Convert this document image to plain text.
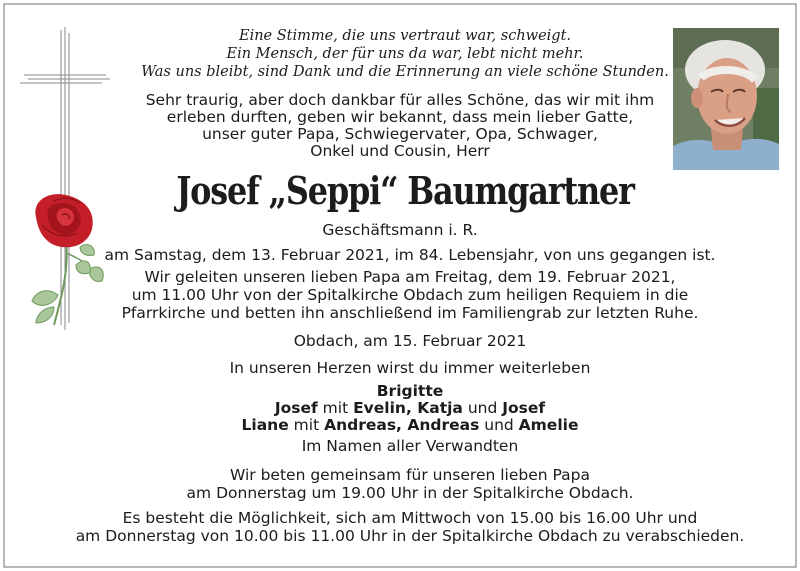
Eine Stimme, die uns vertraut war, schweigt.
Ein Mensch, der für uns da war, lebt nicht mehr.
Was uns bleibt, sind Dank und die Erinnerung an viele schöne Stunden.
Sehr traurig, aber doch dankbar für alles Schöne, das wir mit ihm
erleben durften, geben wir bekannt, dass mein lieber Gatte,
unser guter Papa, Schwiegervater, Opa, Schwager,
Onkel und Cousin, Herr
Josef „Seppi“ Baumgartner
Geschäftsmann i. R.
am Samstag, dem 13. Februar 2021, im 84. Lebensjahr, von uns gegangen ist.
Wir geleiten unseren lieben Papa am Freitag, dem 19. Februar 2021,
um 11.00 Uhr von der Spitalkirche Obdach zum heiligen Requiem in die
Pfarrkirche und betten ihn anschließend im Familiengrab zur letzten Ruhe.
Obdach, am 15. Februar 2021
In unseren Herzen wirst du immer weiterleben
Brigitte
Josef mit Evelin, Katja und Josef
Liane mit Andreas, Andreas und Amelie
Im Namen aller Verwandten
Wir beten gemeinsam für unseren lieben Papa
am Donnerstag um 19.00 Uhr in der Spitalkirche Obdach.
Es besteht die Möglichkeit, sich am Mittwoch von 15.00 bis 16.00 Uhr und
am Donnerstag von 10.00 bis 11.00 Uhr in der Spitalkirche Obdach zu verabschieden.
